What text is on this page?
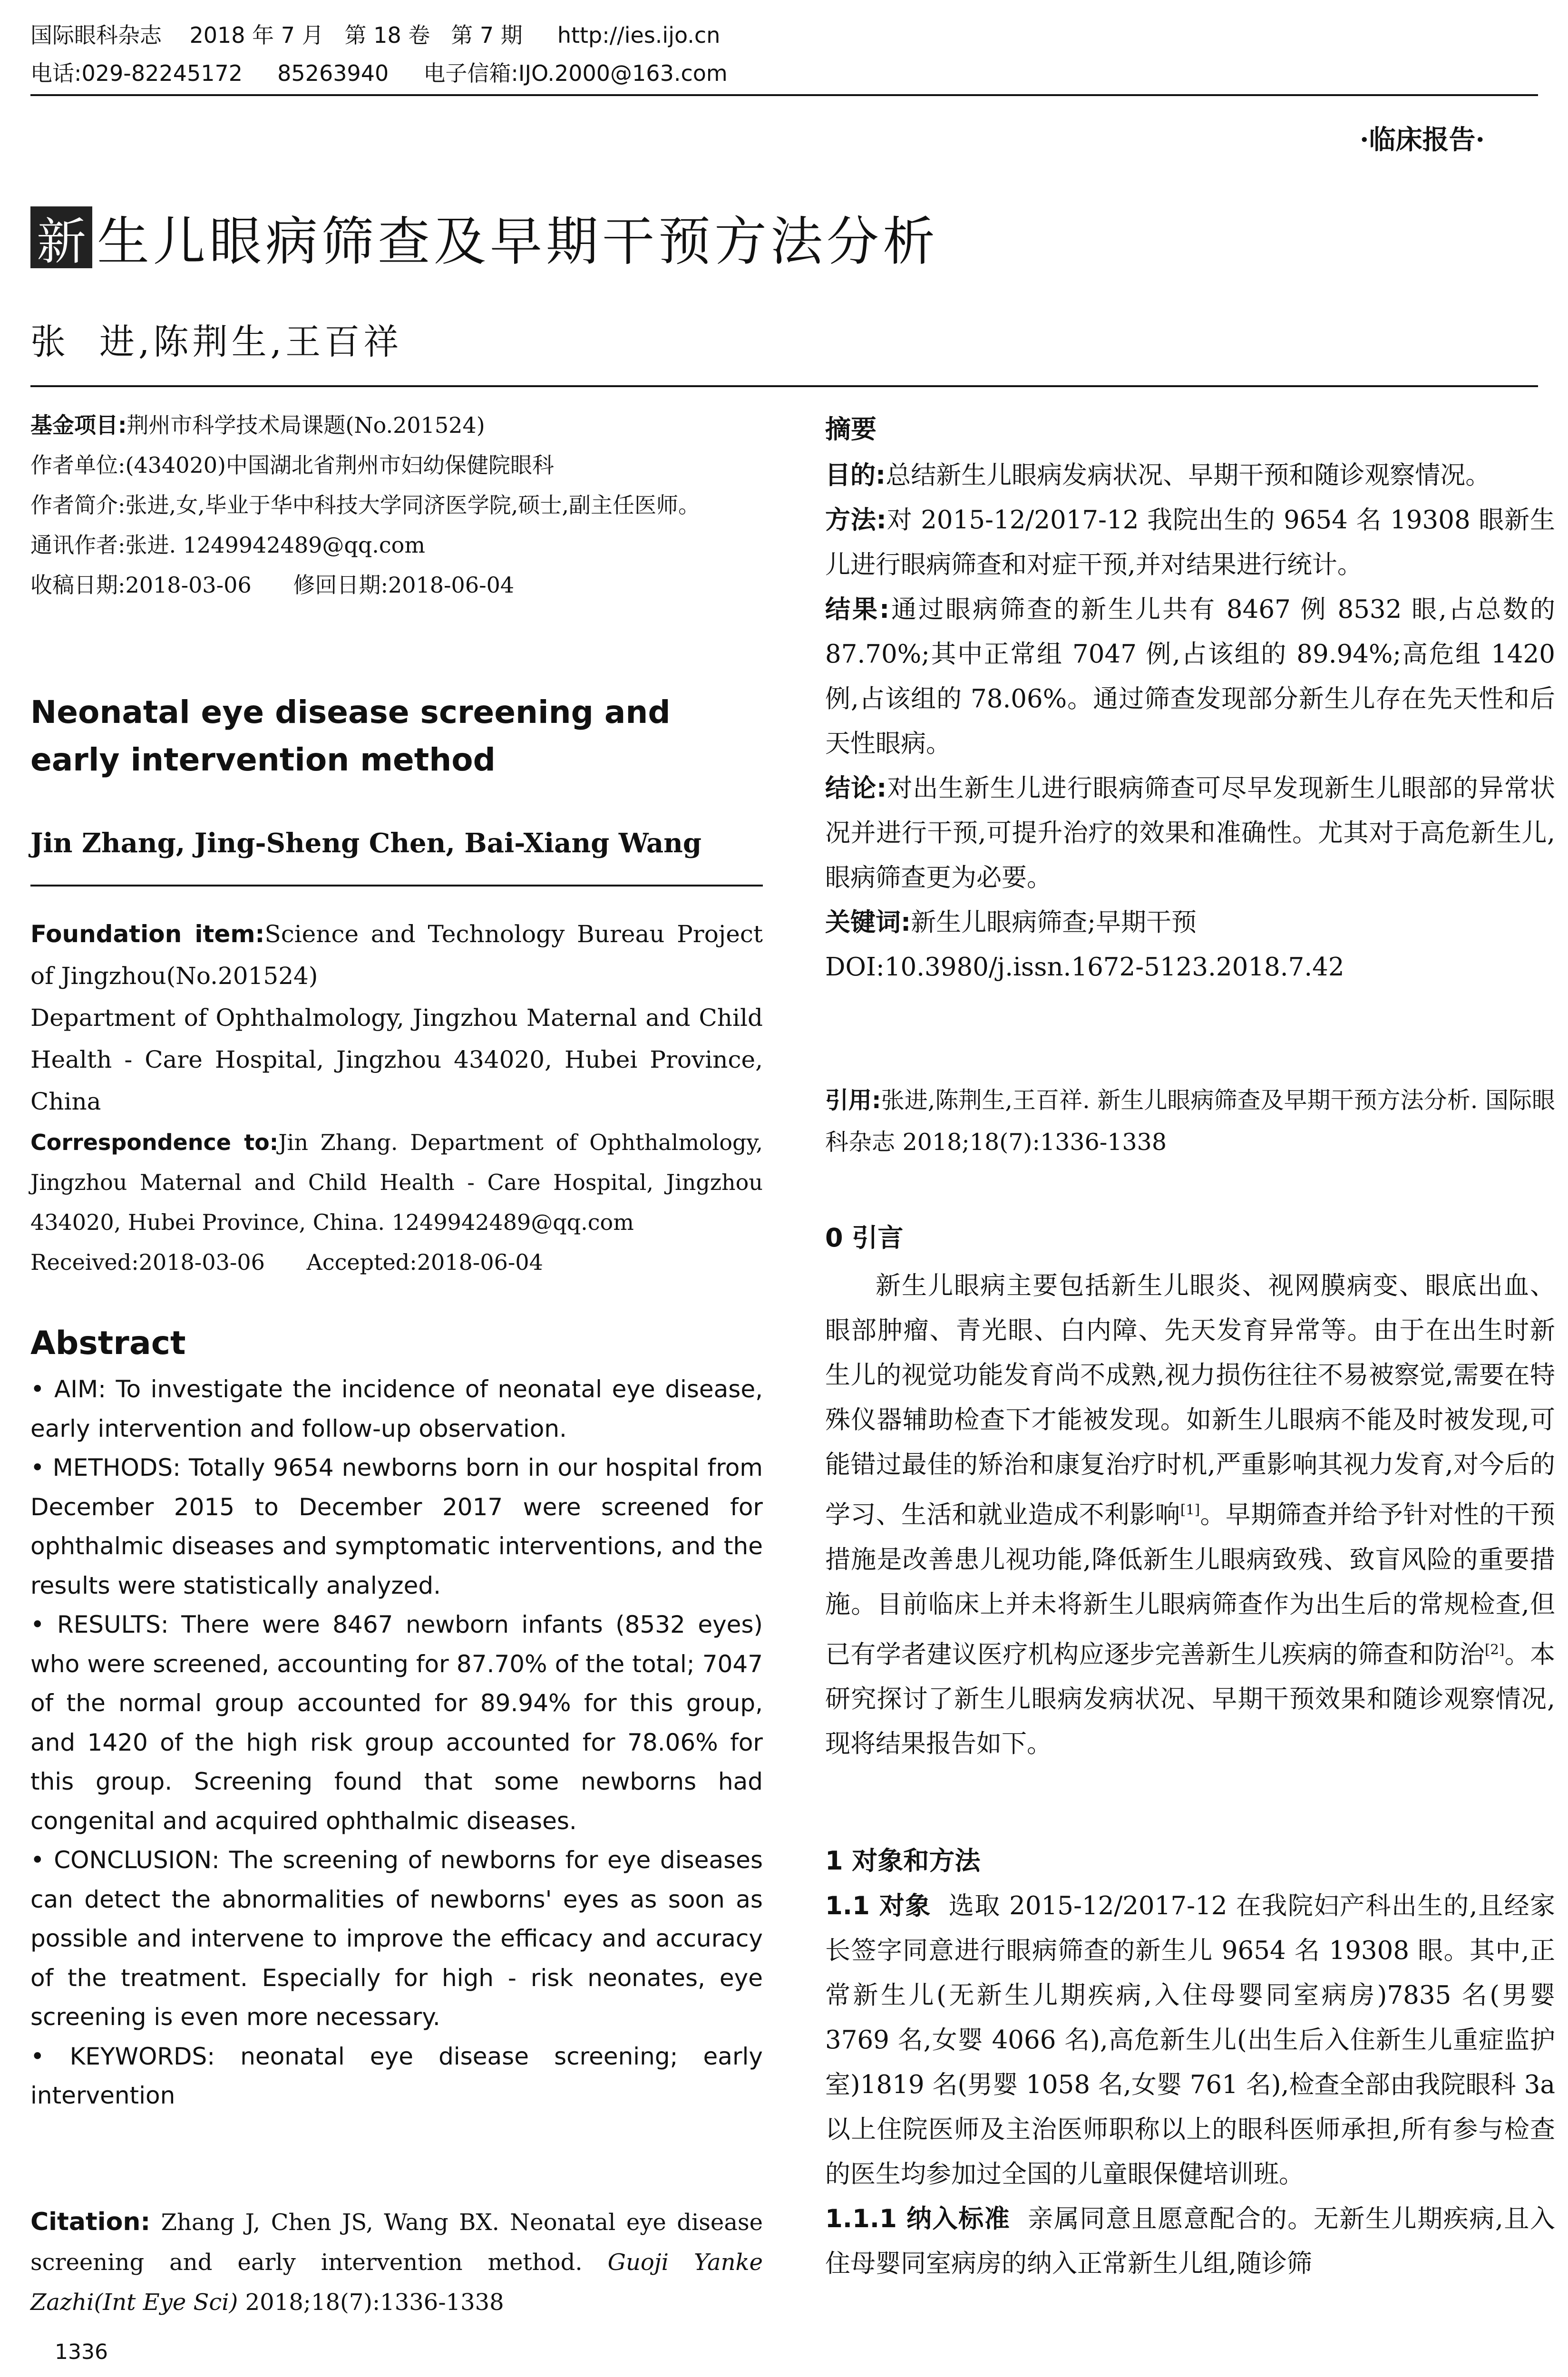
国际眼科杂志    2018 年 7 月   第 18 卷   第 7 期     http://ies.ijo.cn
电话:029-82245172     85263940     电子信箱:IJO.2000@163.com
·临床报告·
新 生儿眼病筛查及早期干预方法分析
张  进,陈荆生,王百祥
基金项目:荆州市科学技术局课题(No.201524)
作者单位:(434020)中国湖北省荆州市妇幼保健院眼科
作者简介:张进,女,毕业于华中科技大学同济医学院,硕士,副主任医师。
通讯作者:张进. 1249942489@qq.com
收稿日期:2018-03-06      修回日期:2018-06-04
Neonatal eye disease screening and early intervention method
Jin Zhang, Jing-Sheng Chen, Bai-Xiang Wang
Foundation item:Science and Technology Bureau Project of Jingzhou(No.201524)
Department of Ophthalmology, Jingzhou Maternal and Child Health - Care Hospital, Jingzhou 434020, Hubei Province, China
Correspondence to:Jin Zhang. Department of Ophthalmology, Jingzhou Maternal and Child Health - Care Hospital, Jingzhou 434020, Hubei Province, China. 1249942489@qq.com
Received:2018-03-06      Accepted:2018-06-04
Abstract

• AIM: To investigate the incidence of neonatal eye disease, early intervention and follow-up observation.

• METHODS: Totally 9654 newborns born in our hospital from December 2015 to December 2017 were screened for ophthalmic diseases and symptomatic interventions, and the results were statistically analyzed.

• RESULTS: There were 8467 newborn infants (8532 eyes) who were screened, accounting for 87.70% of the total; 7047 of the normal group accounted for 89.94% for this group, and 1420 of the high risk group accounted for 78.06% for this group. Screening found that some newborns had congenital and acquired ophthalmic diseases.

• CONCLUSION: The screening of newborns for eye diseases can detect the abnormalities of newborns' eyes as soon as possible and intervene to improve the efficacy and accuracy of the treatment. Especially for high - risk neonates, eye screening is even more necessary.

• KEYWORDS: neonatal eye disease screening; early intervention

Citation: Zhang J, Chen JS, Wang BX. Neonatal eye disease screening and early intervention method. Guoji Yanke Zazhi(Int Eye Sci) 2018;18(7):1336-1338
1336
摘要

目的:总结新生儿眼病发病状况、早期干预和随诊观察情况。

方法:对 2015-12/2017-12 我院出生的 9654 名 19308 眼新生儿进行眼病筛查和对症干预,并对结果进行统计。

结果:通过眼病筛查的新生儿共有 8467 例 8532 眼,占总数的 87.70%;其中正常组 7047 例,占该组的 89.94%;高危组 1420 例,占该组的 78.06%。通过筛查发现部分新生儿存在先天性和后天性眼病。

结论:对出生新生儿进行眼病筛查可尽早发现新生儿眼部的异常状况并进行干预,可提升治疗的效果和准确性。尤其对于高危新生儿,眼病筛查更为必要。

关键词:新生儿眼病筛查;早期干预

DOI:10.3980/j.issn.1672-5123.2018.7.42

引用:张进,陈荆生,王百祥. 新生儿眼病筛查及早期干预方法分析. 国际眼科杂志 2018;18(7):1336-1338
0 引言
新生儿眼病主要包括新生儿眼炎、视网膜病变、眼底出血、眼部肿瘤、青光眼、白内障、先天发育异常等。由于在出生时新生儿的视觉功能发育尚不成熟,视力损伤往往不易被察觉,需要在特殊仪器辅助检查下才能被发现。如新生儿眼病不能及时被发现,可能错过最佳的矫治和康复治疗时机,严重影响其视力发育,对今后的学习、生活和就业造成不利影响[1]。早期筛查并给予针对性的干预措施是改善患儿视功能,降低新生儿眼病致残、致盲风险的重要措施。目前临床上并未将新生儿眼病筛查作为出生后的常规检查,但已有学者建议医疗机构应逐步完善新生儿疾病的筛查和防治[2]。本研究探讨了新生儿眼病发病状况、早期干预效果和随诊观察情况,现将结果报告如下。
1 对象和方法

1.1 对象  选取 2015-12/2017-12 在我院妇产科出生的,且经家长签字同意进行眼病筛查的新生儿 9654 名 19308 眼。其中,正常新生儿(无新生儿期疾病,入住母婴同室病房)7835 名(男婴 3769 名,女婴 4066 名),高危新生儿(出生后入住新生儿重症监护室)1819 名(男婴 1058 名,女婴 761 名),检查全部由我院眼科 3a 以上住院医师及主治医师职称以上的眼科医师承担,所有参与检查的医生均参加过全国的儿童眼保健培训班。

1.1.1 纳入标准  亲属同意且愿意配合的。无新生儿期疾病,且入住母婴同室病房的纳入正常新生儿组,随诊筛
